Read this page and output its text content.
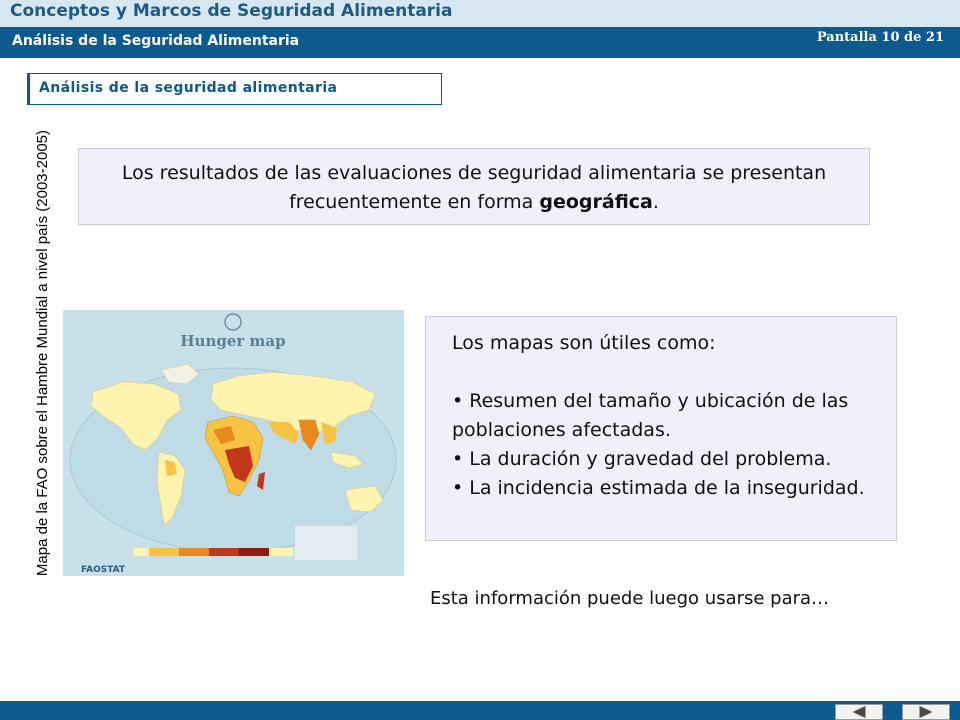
Conceptos y Marcos de Seguridad Alimentaria
Análisis de la Seguridad Alimentaria	Pantalla 10 de 21
Análisis de la seguridad alimentaria
Mapa de la FAO sobre el Hambre Mundial a nivel país (2003-2005)	Los resultados de las evaluaciones de seguridad alimentaria se presentan frecuentemente en forma geográfica.

Hunger map
FAOSTAT
Los mapas son útiles como:
• Resumen del tamaño y ubicación de las poblaciones afectadas.
• La duración y gravedad del problema.
• La incidencia estimada de la inseguridad.
Esta información puede luego usarse para…
